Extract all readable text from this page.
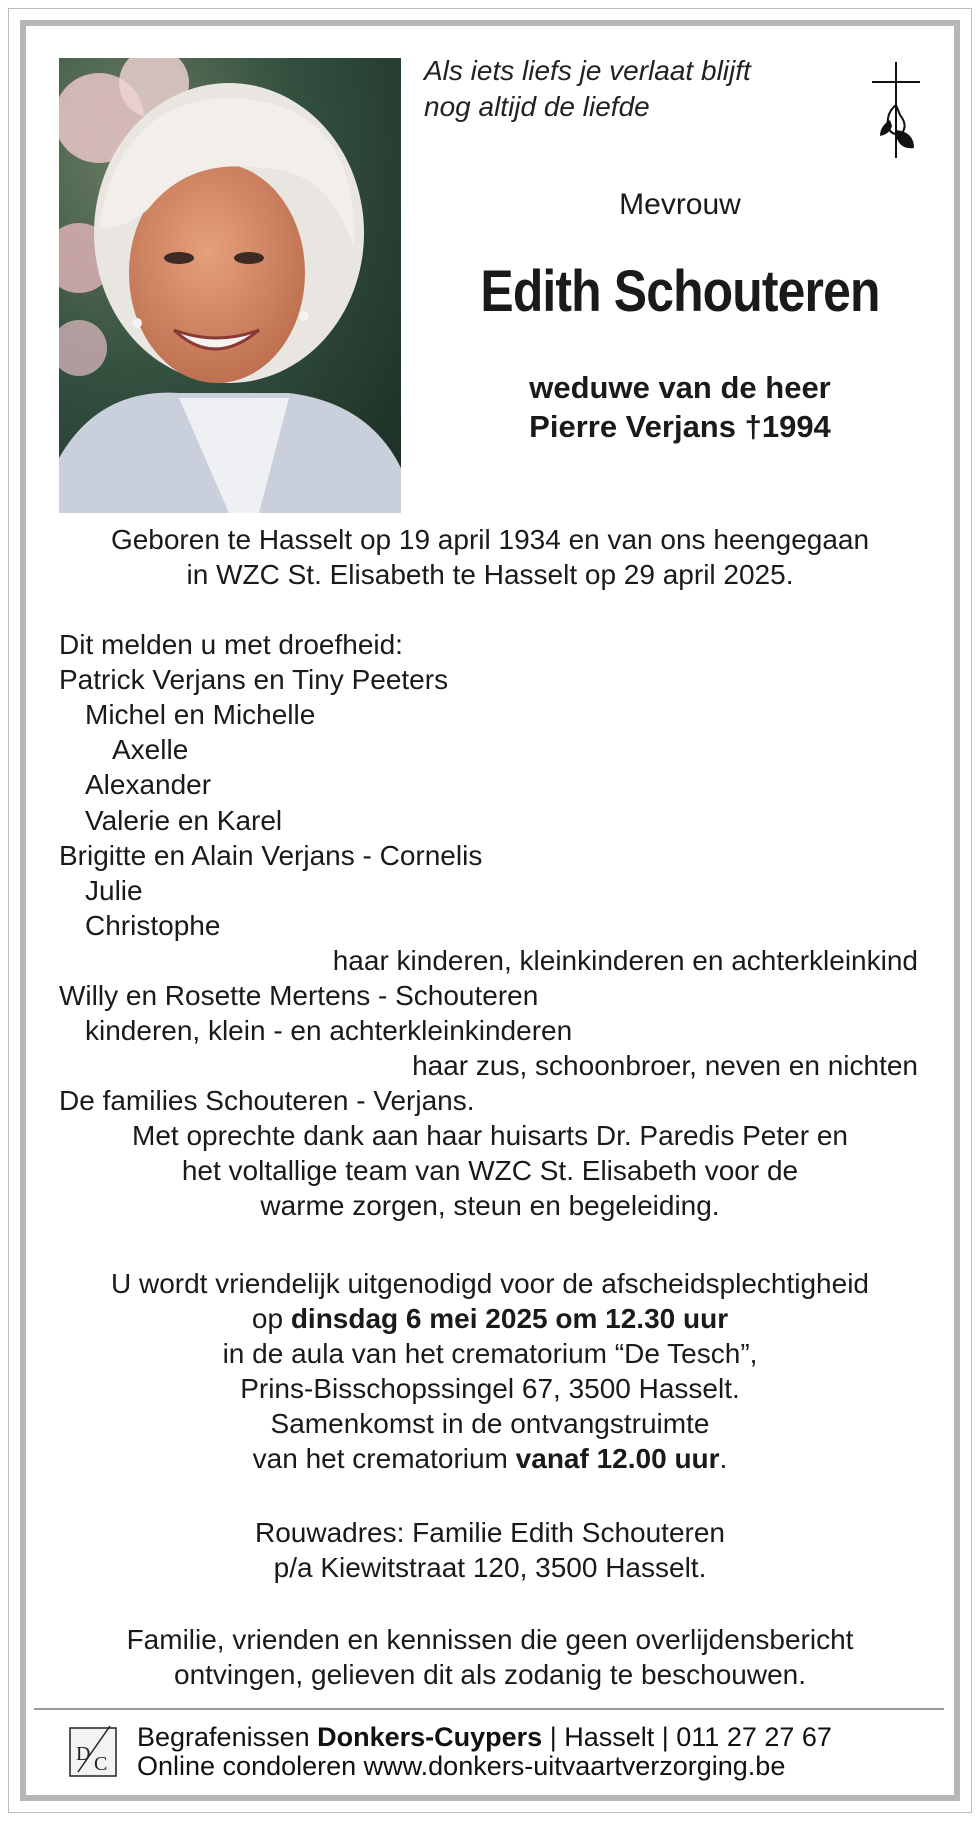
Als iets liefs je verlaat blijft
nog altijd de liefde
Mevrouw
Edith Schouteren
weduwe van de heer
Pierre Verjans †1994
Geboren te Hasselt op 19 april 1934 en van ons heengegaan
in WZC St. Elisabeth te Hasselt op 29 april 2025.
Dit melden u met droefheid:
Patrick Verjans en Tiny Peeters
Michel en Michelle
Axelle
Alexander
Valerie en Karel
Brigitte en Alain Verjans - Cornelis
Julie
Christophe
haar kinderen, kleinkinderen en achterkleinkind
Willy en Rosette Mertens - Schouteren
kinderen, klein - en achterkleinkinderen
haar zus, schoonbroer, neven en nichten
De families Schouteren - Verjans.
Met oprechte dank aan haar huisarts Dr. Paredis Peter en
het voltallige team van WZC St. Elisabeth voor de
warme zorgen, steun en begeleiding.
U wordt vriendelijk uitgenodigd voor de afscheidsplechtigheid
op dinsdag 6 mei 2025 om 12.30 uur
in de aula van het crematorium “De Tesch”,
Prins-Bisschopssingel 67, 3500 Hasselt.
Samenkomst in de ontvangstruimte
van het crematorium vanaf 12.00 uur.
Rouwadres: Familie Edith Schouteren
p/a Kiewitstraat 120, 3500 Hasselt.
Familie, vrienden en kennissen die geen overlijdensbericht
ontvingen, gelieven dit als zodanig te beschouwen.
D C
Begrafenissen Donkers-Cuypers | Hasselt | 011 27 27 67
Online condoleren www.donkers-uitvaartverzorging.be
